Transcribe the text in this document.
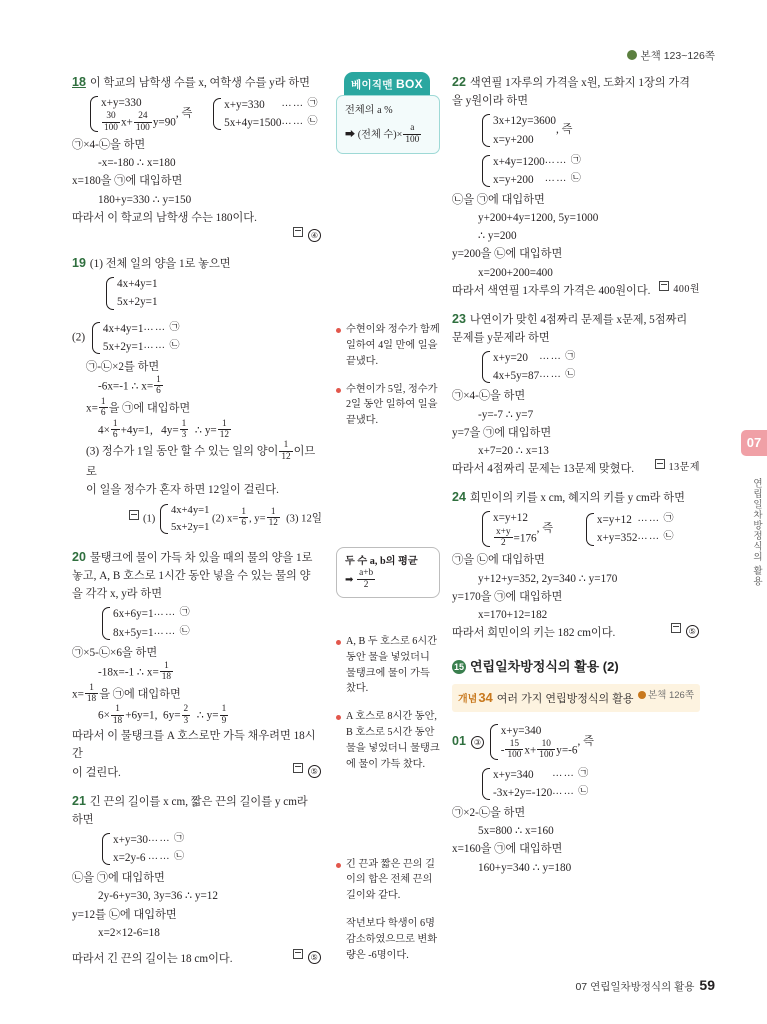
본책 123~126쪽
18 이 학교의 남학생 수를 x, 여학생 수를 y라 하면
x+y=330
$\frac{30}{100} x+ \frac{24}{100} y=90$
, 즉
x+y=330 …… ㉠
5x+4y=1500 …… ㉡
㉠×4-㉡을 하면
-x=-180 ∴ x=180
x=180을 ㉠에 대입하면
180+y=330 ∴ y=150
따라서 이 학교의 남학생 수는 180이다.
④
19 (1) 전체 일의 양을 1로 놓으면
4x+4y=1
5x+2y=1
(2)
4x+4y=1 …… ㉠
5x+2y=1 …… ㉡
㉠-㉡×2를 하면
-6x=-1 ∴ $x= \frac{1}{6}$
$x= \frac{1}{6}$ 을 ㉠에 대입하면
$4\times \frac{1}{6} +4y=1$, $4y= \frac{1}{3}$ ∴ $y= \frac{1}{12}$
(3) 정수가 1일 동안 할 수 있는 일의 양이 $\frac{1}{12}$ 이므로
이 일을 정수가 혼자 하면 12일이 걸린다.
(1)
4x+4y=1
5x+2y=1
(2) $x= \frac{1}{6}$ , $y= \frac{1}{12} (3)$ 12일
20 물탱크에 물이 가득 차 있을 때의 물의 양을 1로
놓고, A, B 호스로 1시간 동안 넣을 수 있는 물의 양
을 각각 x, y라 하면
6x+6y=1 …… ㉠
8x+5y=1 …… ㉡
㉠×5-㉡×6을 하면
-18x=-1 ∴ $x= \frac{1}{18}$
$x= \frac{1}{18}$ 을 ㉠에 대입하면
$6\times \frac{1}{18} +6y=1$, $6y= \frac{2}{3}$ ∴ $y= \frac{1}{9}$
따라서 이 물탱크를 A 호스로만 가득 채우려면 18시간
이 걸린다.	⑤
21 긴 끈의 길이를 x cm, 짧은 끈의 길이를 y cm라
하면
x+y=30 …… ㉠
x=2y-6 …… ㉡
㉡을 ㉠에 대입하면
2y-6+y=30, 3y=36 ∴ y=12
y=12를 ㉡에 대입하면
x=2×12-6=18
따라서 긴 끈의 길이는 18 cm이다.	⑤
베이직맨 BOX
전체의 a %
➡ (전체 수)× $\frac{a}{100}$
수현이와 정수가 함께 일하여 4일 만에 일을 끝냈다.
수현이가 5일, 정수가 2일 동안 일하여 일을 끝냈다.
두 수 a, b의 평균
➡ $\frac{a+b}{2}$
A, B 두 호스로 6시간 동안 물을 넣었더니 물탱크에 물이 가득 찼다.
A 호스로 8시간 동안, B 호스로 5시간 동안 물을 넣었더니 물탱크에 물이 가득 찼다.
긴 끈과 짧은 끈의 길이의 합은 전체 끈의 길이와 같다.
작년보다 학생이 6명 감소하였으므로 변화량은 -6명이다.
22 색연필 1자루의 가격을 x원, 도화지 1장의 가격
을 y원이라 하면
3x+12y=3600
x=y+200
, 즉
x+4y=1200 …… ㉠
x=y+200 …… ㉡
㉡을 ㉠에 대입하면
y+200+4y=1200, 5y=1000
∴ y=200
y=200을 ㉡에 대입하면
x=200+200=400
따라서 색연필 1자루의 가격은 400원이다.	400원
23 나연이가 맞힌 4점짜리 문제를 x문제, 5점짜리
문제를 y문제라 하면
x+y=20 …… ㉠
4x+5y=87 …… ㉡
㉠×4-㉡을 하면
-y=-7 ∴ y=7
y=7을 ㉠에 대입하면
x+7=20 ∴ x=13
따라서 4점짜리 문제는 13문제 맞혔다.	13문제
24 희민이의 키를 x cm, 혜지의 키를 y cm라 하면
x=y+12
$\frac{x+y}{2} =176$
, 즉
x=y+12 …… ㉠
x+y=352 …… ㉡
㉠을 ㉡에 대입하면
y+12+y=352, 2y=340 ∴ y=170
y=170을 ㉠에 대입하면
x=170+12=182
따라서 희민이의 키는 182 cm이다.	⑤
15 연립일차방정식의 활용 (2)
개념34 여러 가지 연립방정식의 활용	본책 126쪽
01 ③
x+y=340
- $\frac{15}{100} x+ \frac{10}{100} y=-6$
, 즉
x+y=340 …… ㉠
-3x+2y=-120 …… ㉡
㉠×2-㉡을 하면
5x=800 ∴ x=160
x=160을 ㉠에 대입하면
160+y=340 ∴ y=180
07
연립일차방정식의 활용
07 연립일차방정식의 활용 59
